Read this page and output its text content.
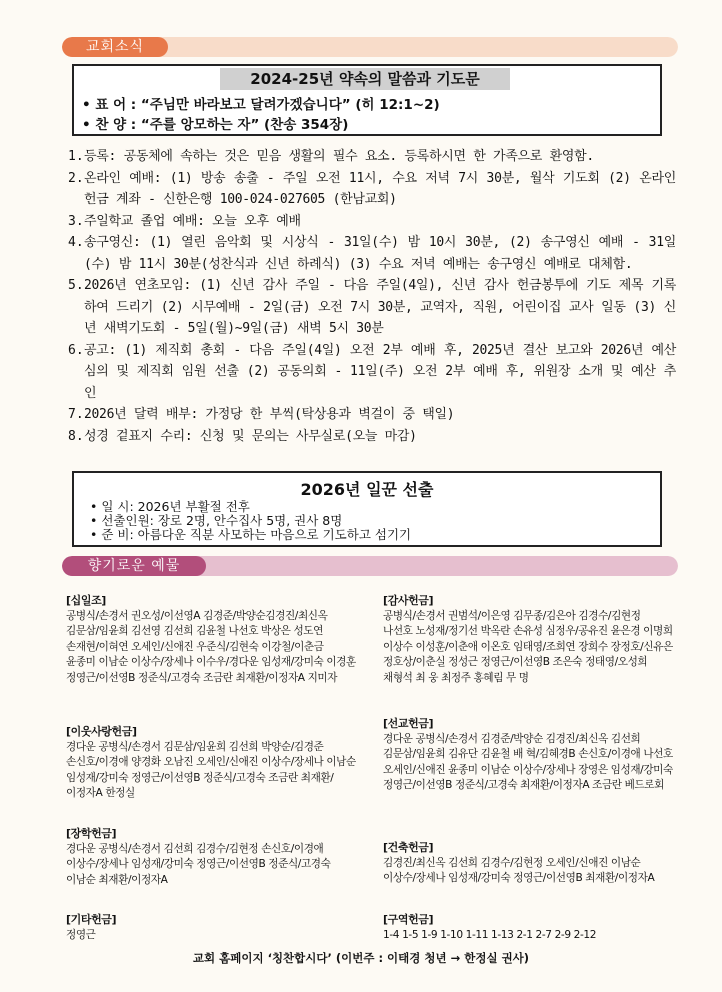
교회소식
2024-25년 약속의 말씀과 기도문
• 표 어 : “주님만 바라보고 달려가겠습니다” (히 12:1~2)
• 찬 양 : “주를 앙모하는 자” (찬송 354장)
1. 등록: 공동체에 속하는 것은 믿음 생활의 필수 요소. 등록하시면 한 가족으로 환영함.
2. 온라인 예배: (1) 방송 송출 - 주일 오전 11시, 수요 저녁 7시 30분, 월삭 기도회 (2) 온라인 헌금 계좌 - 신한은행 100-024-027605 (한남교회)
3. 주일학교 졸업 예배: 오늘 오후 예배
4. 송구영신: (1) 열린 음악회 및 시상식 - 31일(수) 밤 10시 30분, (2) 송구영신 예배 - 31일(수) 밤 11시 30분(성찬식과 신년 하례식) (3) 수요 저녁 예배는 송구영신 예배로 대체함.
5. 2026년 연초모임: (1) 신년 감사 주일 - 다음 주일(4일), 신년 감사 헌금봉투에 기도 제목 기록하여 드리기 (2) 시무예배 - 2일(금) 오전 7시 30분, 교역자, 직원, 어린이집 교사 일동 (3) 신년 새벽기도회 - 5일(월)~9일(금) 새벽 5시 30분
6. 공고: (1) 제직회 총회 - 다음 주일(4일) 오전 2부 예배 후, 2025년 결산 보고와 2026년 예산 심의 및 제직회 임원 선출 (2) 공동의회 - 11일(주) 오전 2부 예배 후, 위원장 소개 및 예산 추인
7. 2026년 달력 배부: 가정당 한 부씩(탁상용과 벽걸이 중 택일)
8. 성경 겉표지 수리: 신청 및 문의는 사무실로(오늘 마감)
2026년 일꾼 선출
• 일 시: 2026년 부활절 전후
• 선출인원: 장로 2명, 안수집사 5명, 권사 8명
• 준 비: 아름다운 직분 사모하는 마음으로 기도하고 섬기기
향기로운 예물
[십일조]
공병식/손경서 권오성/이선영A 김경준/박양순김경진/최신옥 김문삼/임윤희 김선영 김선희 김윤철 나선호 박상은 성도연 손재현/이혀연 오세인/신애진 우준식/김현숙 이강철/이춘금 윤종미 이남순 이상수/장세나 이수우/경다운 임성재/강미숙 이경훈 정영근/이선영B 정준식/고경숙 조금란 최재환/이정자A 지미자
[이웃사랑헌금]
경다운 공병식/손경서 김문삼/임윤희 김선희 박양순/김경준 손신호/이경애 양경화 오남진 오세인/신애진 이상수/장세나 이남순 임성재/강미숙 정영근/이선영B 정준식/고경숙 조금란 최재환/이정자A 한정실
[장학헌금]
경다운 공병식/손경서 김선희 김경수/김현정 손신호/이경애 이상수/장세나 임성재/강미숙 정영근/이선영B 정준식/고경숙 이남순 최재환/이정자A
[기타헌금]
정영근
[감사헌금]
공병식/손경서 권범석/이은영 김무종/김은아 김경수/김현정 나선호 노성재/정기선 박옥란 손유성 심정우/공유진 윤은경 이명희 이상수 이성훈/이춘애 이온호 임태영/조희연 장희수 장정호/신유은 정호상/이춘실 정성근 정영근/이선영B 조은숙 정태영/오성희 채형석 최 웅 최정주 홍혜림 무 명
[선교헌금]
경다운 공병식/손경서 김경준/박양순 김경진/최신옥 김선희 김문삼/임윤희 김유단 김윤철 배 혁/김혜경B 손신호/이경애 나선호 오세인/신애진 윤종미 이남순 이상수/장세나 장영은 임성재/강미숙 정영근/이선영B 정준식/고경숙 최재환/이정자A 조금란 베드로회
[건축헌금]
김경진/최신옥 김선희 김경수/김현정 오세인/신애진 이남순 이상수/장세나 임성재/강미숙 정영근/이선영B 최재환/이정자A
[구역헌금]
1-4 1-5 1-9 1-10 1-11 1-13 2-1 2-7 2-9 2-12
교회 홈페이지 ‘칭찬합시다’ (이번주 : 이태경 청년 → 한정실 권사)
